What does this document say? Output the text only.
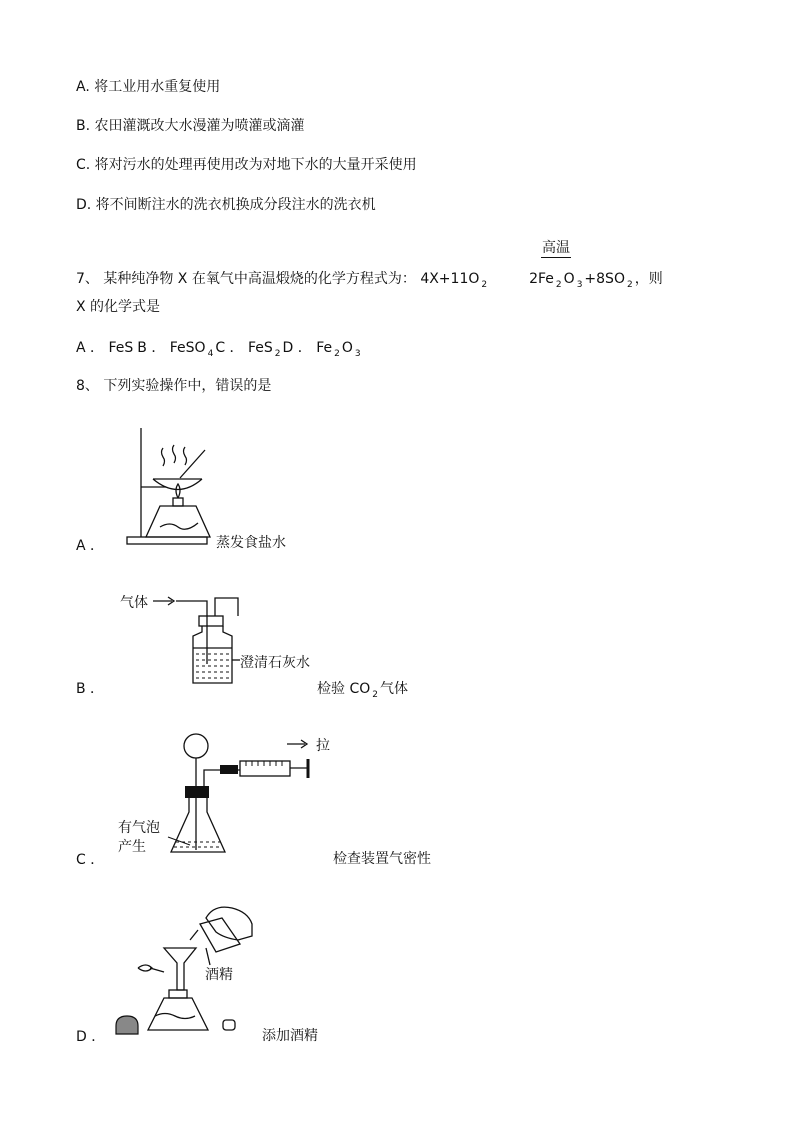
A. 将工业用水重复使用
B. 农田灌溉改大水漫灌为喷灌或滴灌
C. 将对污水的处理再使用改为对地下水的大量开采使用
D. 将不间断注水的洗衣机换成分段注水的洗衣机
高温
7、 某种纯净物 X 在氧气中高温煅烧的化学方程式为： 4X+11O $_2$	2Fe $_2$ O $_3$ +8SO $_2$ ，则
X 的化学式是
A ． FeS B ． FeSO $_4$ C ． FeS $_2$ D ． Fe $_2$ O $_3$
8、 下列实验操作中，错误的是
A ．	蒸发食盐水
气体
澄清石灰水
B ．	检验 CO $_2$ 气体
拉
有气泡
产生
C ．	检查装置气密性
酒精
D ．	添加酒精
